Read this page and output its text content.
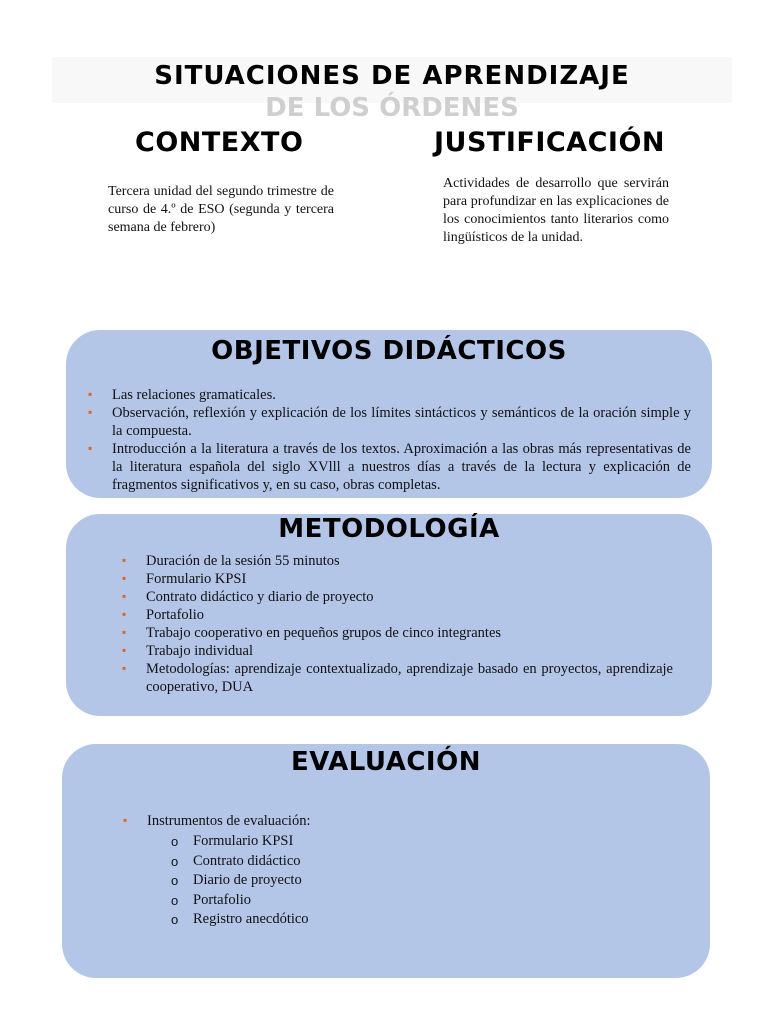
SITUACIONES DE APRENDIZAJE
DE LOS ÓRDENES
CONTEXTO
Tercera unidad del segundo trimestre de curso de 4.º de ESO (segunda y tercera semana de febrero)
JUSTIFICACIÓN
Actividades de desarrollo que servirán para profundizar en las explicaciones de los conocimientos tanto literarios como lingüísticos de la unidad.
OBJETIVOS DIDÁCTICOS
▪ Las relaciones gramaticales.
▪ Observación, reflexión y explicación de los límites sintácticos y semánticos de la oración simple y la compuesta.
▪ Introducción a la literatura a través de los textos. Aproximación a las obras más representativas de la literatura española del siglo XVlll a nuestros días a través de la lectura y explicación de fragmentos significativos y, en su caso, obras completas.
METODOLOGÍA
▪ Duración de la sesión 55 minutos
▪ Formulario KPSI
▪ Contrato didáctico y diario de proyecto
▪ Portafolio
▪ Trabajo cooperativo en pequeños grupos de cinco integrantes
▪ Trabajo individual
▪ Metodologías: aprendizaje contextualizado, aprendizaje basado en proyectos, aprendizaje cooperativo, DUA
EVALUACIÓN
▪ Instrumentos de evaluación:
o Formulario KPSI
o Contrato didáctico
o Diario de proyecto
o Portafolio
o Registro anecdótico
